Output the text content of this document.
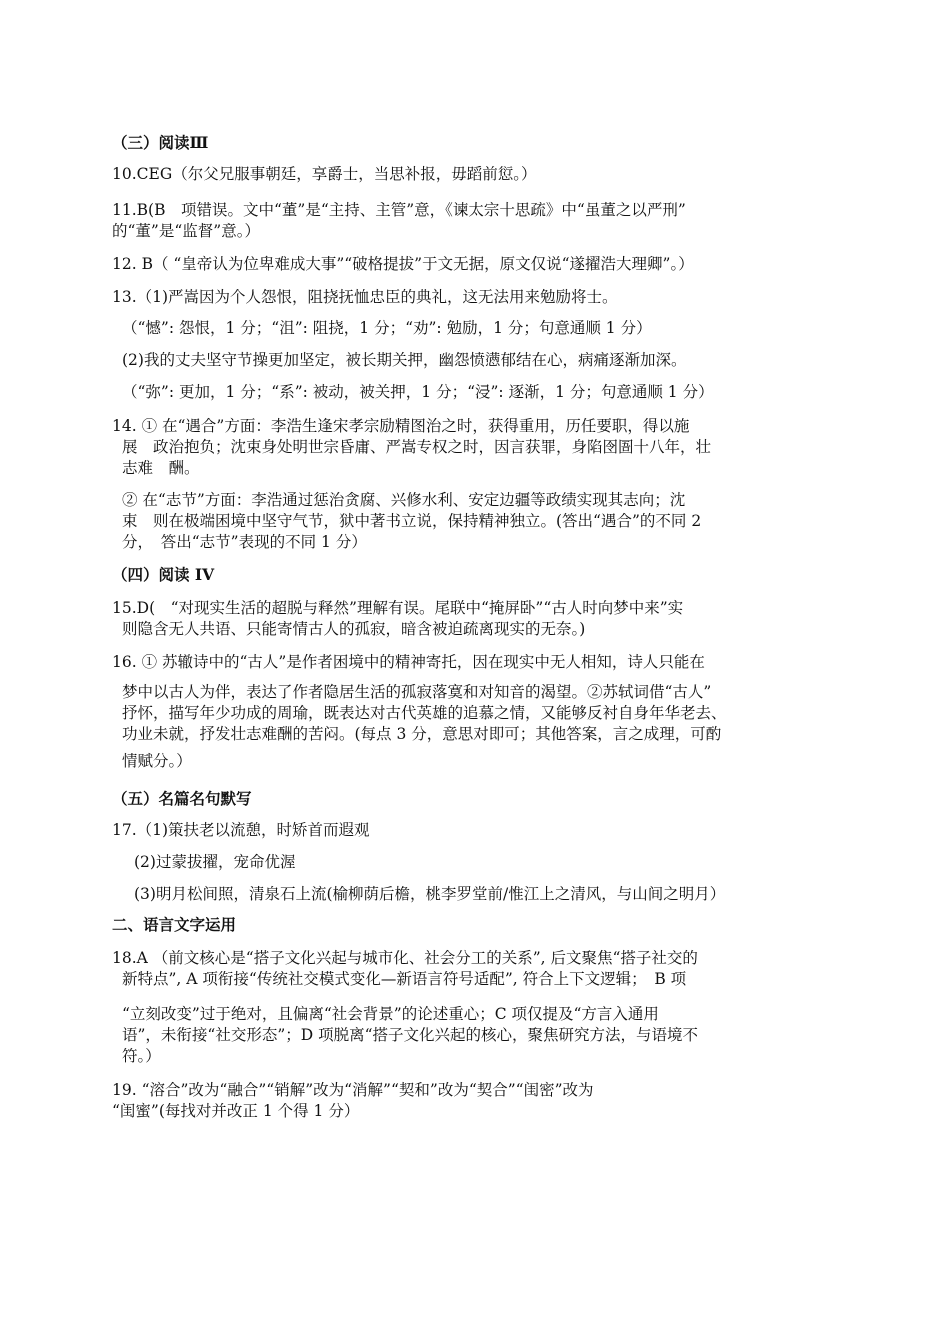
（三）阅读Ⅲ
10.CEG（尔父兄服事朝廷，享爵士，当思补报，毋蹈前愆。）
11.B(B　项错误。文中“董”是“主持、主管”意，《谏太宗十思疏》中“虽董之以严刑”
的“董”是“监督”意。）
12. B（ “皇帝认为位卑难成大事”“破格提拔”于文无据，原文仅说“遂擢浩大理卿”。）
13.（1)严嵩因为个人怨恨，阻挠抚恤忠臣的典礼，这无法用来勉励将士。
（“憾”: 怨恨，1 分；“沮”: 阻挠，1 分；“劝”: 勉励，1 分；句意通顺 1 分）
(2)我的丈夫坚守节操更加坚定，被长期关押，幽怨愤懑郁结在心，病痛逐渐加深。
（“弥”: 更加，1 分；“系”: 被动，被关押，1 分；“浸”: 逐渐，1 分；句意通顺 1 分）
14. ① 在“遇合”方面：李浩生逢宋孝宗励精图治之时，获得重用，历任要职，得以施
展　政治抱负；沈束身处明世宗昏庸、严嵩专权之时，因言获罪，身陷囹圄十八年，壮
志难　酬。
② 在“志节”方面：李浩通过惩治贪腐、兴修水利、安定边疆等政绩实现其志向；沈
束　则在极端困境中坚守气节，狱中著书立说，保持精神独立。(答出“遇合”的不同 2
分，　答出“志节”表现的不同 1 分）
（四）阅读 IV
15.D(　“对现实生活的超脱与释然”理解有误。尾联中“掩屏卧”“古人时向梦中来”实
则隐含无人共语、只能寄情古人的孤寂，暗含被迫疏离现实的无奈。)
16. ① 苏辙诗中的“古人”是作者困境中的精神寄托，因在现实中无人相知，诗人只能在
梦中以古人为伴，表达了作者隐居生活的孤寂落寞和对知音的渴望。②苏轼词借“古人”
抒怀，描写年少功成的周瑜，既表达对古代英雄的追慕之情，又能够反衬自身年华老去、
功业未就，抒发壮志难酬的苦闷。(每点 3 分，意思对即可；其他答案，言之成理，可酌
情赋分。）
（五）名篇名句默写
17.（1)策扶老以流憩，时矫首而遐观
(2)过蒙拔擢，宠命优渥
(3)明月松间照，清泉石上流(榆柳荫后檐，桃李罗堂前/惟江上之清风，与山间之明月）
二、语言文字运用
18.A （前文核心是“搭子文化兴起与城市化、社会分工的关系”, 后文聚焦“搭子社交的
新特点”, A 项衔接“传统社交模式变化—新语言符号适配”, 符合上下文逻辑；　B 项
“立刻改变”过于绝对，且偏离“社会背景”的论述重心；C 项仅提及“方言入通用
语”，未衔接“社交形态”；D 项脱离“搭子文化兴起的核心，聚焦研究方法，与语境不
符。）
19. “溶合”改为“融合”“销解”改为“消解”“契和”改为“契合”“闺密”改为
“闺蜜”(每找对并改正 1 个得 1 分）
